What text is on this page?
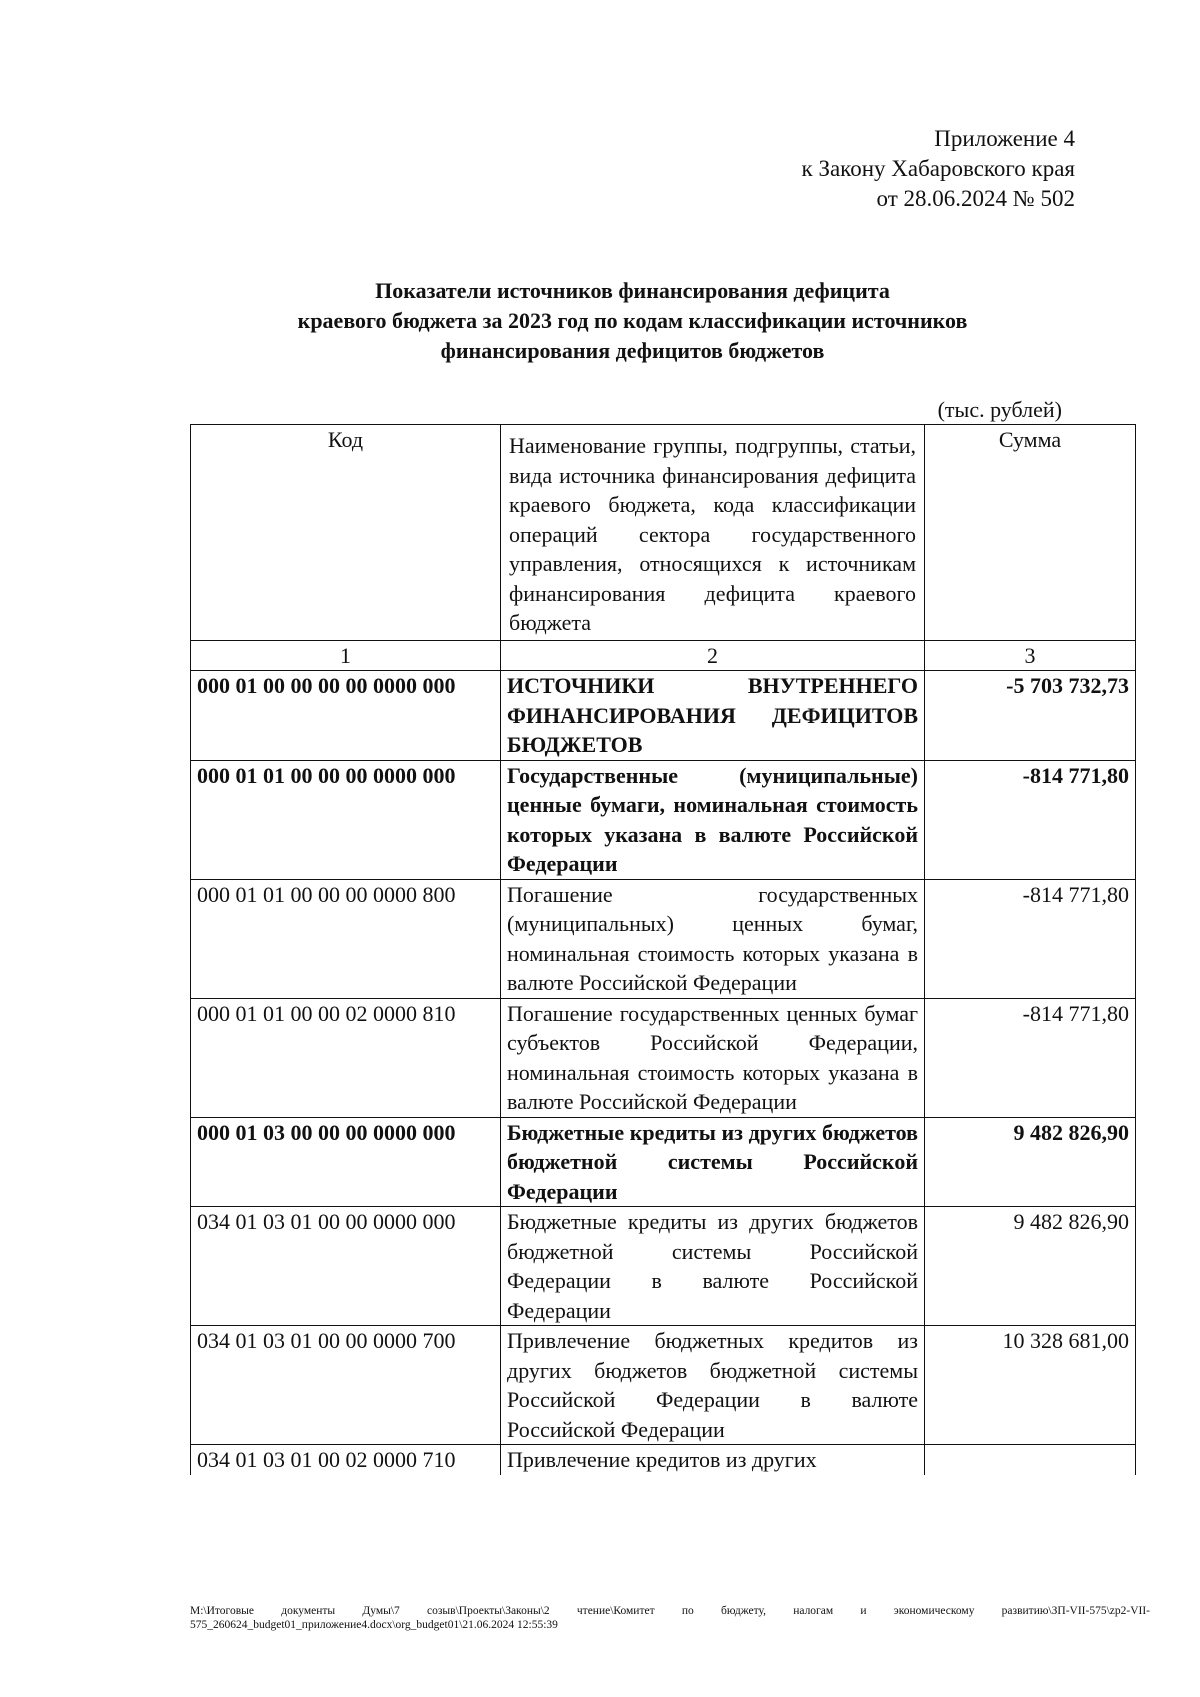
Приложение 4
к Закону Хабаровского края
от 28.06.2024 № 502
Показатели источников финансирования дефицита
краевого бюджета за 2023 год по кодам классификации источников
финансирования дефицитов бюджетов
(тыс. рублей)
Код	Наименование группы, подгруппы, статьи, вида источника финансирования дефицита краевого бюджета, кода классификации операций сектора государственного управления, относящихся к источникам финансирования дефицита краевого бюджета	Сумма
1	2	3
000 01 00 00 00 00 0000 000	ИСТОЧНИКИ ВНУТРЕННЕГО ФИНАНСИРОВАНИЯ ДЕФИЦИТОВ БЮДЖЕТОВ	-5 703 732,73
000 01 01 00 00 00 0000 000	Государственные (муниципальные) ценные бумаги, номинальная стоимость которых указана в валюте Российской Федерации	-814 771,80
000 01 01 00 00 00 0000 800	Погашение государственных (муниципальных) ценных бумаг, номинальная стоимость которых указана в валюте Российской Федерации	-814 771,80
000 01 01 00 00 02 0000 810	Погашение государственных ценных бумаг субъектов Российской Федерации, номинальная стоимость которых указана в валюте Российской Федерации	-814 771,80
000 01 03 00 00 00 0000 000	Бюджетные кредиты из других бюджетов бюджетной системы Российской Федерации	9 482 826,90
034 01 03 01 00 00 0000 000	Бюджетные кредиты из других бюджетов бюджетной системы Российской Федерации в валюте Российской Федерации	9 482 826,90
034 01 03 01 00 00 0000 700	Привлечение бюджетных кредитов из других бюджетов бюджетной системы Российской Федерации в валюте Российской Федерации	10 328 681,00
034 01 03 01 00 02 0000 710	Привлечение кредитов из других	
M:\Итоговые документы Думы\7 созыв\Проекты\Законы\2 чтение\Комитет по бюджету, налогам и экономическому развитию\ЗП-VII-575\zp2-VII-575_260624_budget01_приложение4.docx\org_budget01\21.06.2024 12:55:39
